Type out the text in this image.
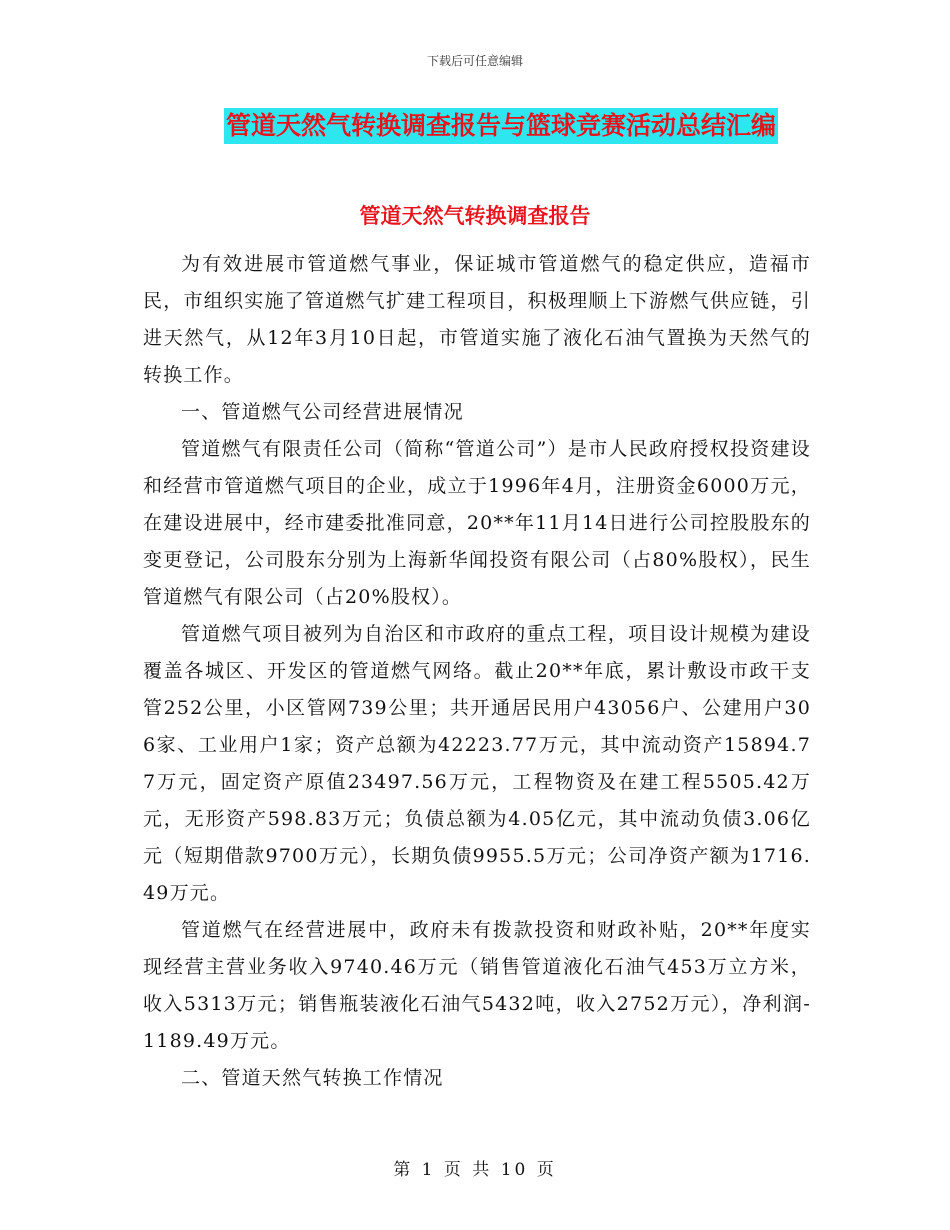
下载后可任意编辑
管道天然气转换调查报告与篮球竞赛活动总结汇编
管道天然气转换调查报告

为有效进展市管道燃气事业，保证城市管道燃气的稳定供应，造福市民，市组织实施了管道燃气扩建工程项目，积极理顺上下游燃气供应链，引进天然气，从12年3月10日起，市管道实施了液化石油气置换为天然气的转换工作。

一、管道燃气公司经营进展情况

管道燃气有限责任公司（简称“管道公司”）是市人民政府授权投资建设和经营市管道燃气项目的企业，成立于1996年4月，注册资金6000万元，在建设进展中，经市建委批准同意，20**年11月14日进行公司控股股东的变更登记，公司股东分别为上海新华闻投资有限公司（占80%股权），民生管道燃气有限公司（占20%股权）。

管道燃气项目被列为自治区和市政府的重点工程，项目设计规模为建设覆盖各城区、开发区的管道燃气网络。截止20**年底，累计敷设市政干支管252公里，小区管网739公里；共开通居民用户43056户、公建用户306家、工业用户1家；资产总额为42223.77万元，其中流动资产15894.77万元，固定资产原值23497.56万元，工程物资及在建工程5505.42万元，无形资产598.83万元；负债总额为4.05亿元，其中流动负债3.06亿元（短期借款9700万元），长期负债9955.5万元；公司净资产额为1716.49万元。

管道燃气在经营进展中，政府未有拨款投资和财政补贴，20**年度实现经营主营业务收入9740.46万元（销售管道液化石油气453万立方米，收入5313万元；销售瓶装液化石油气5432吨，收入2752万元），净利润-1189.49万元。

二、管道天然气转换工作情况

第 1 页 共 10 页
